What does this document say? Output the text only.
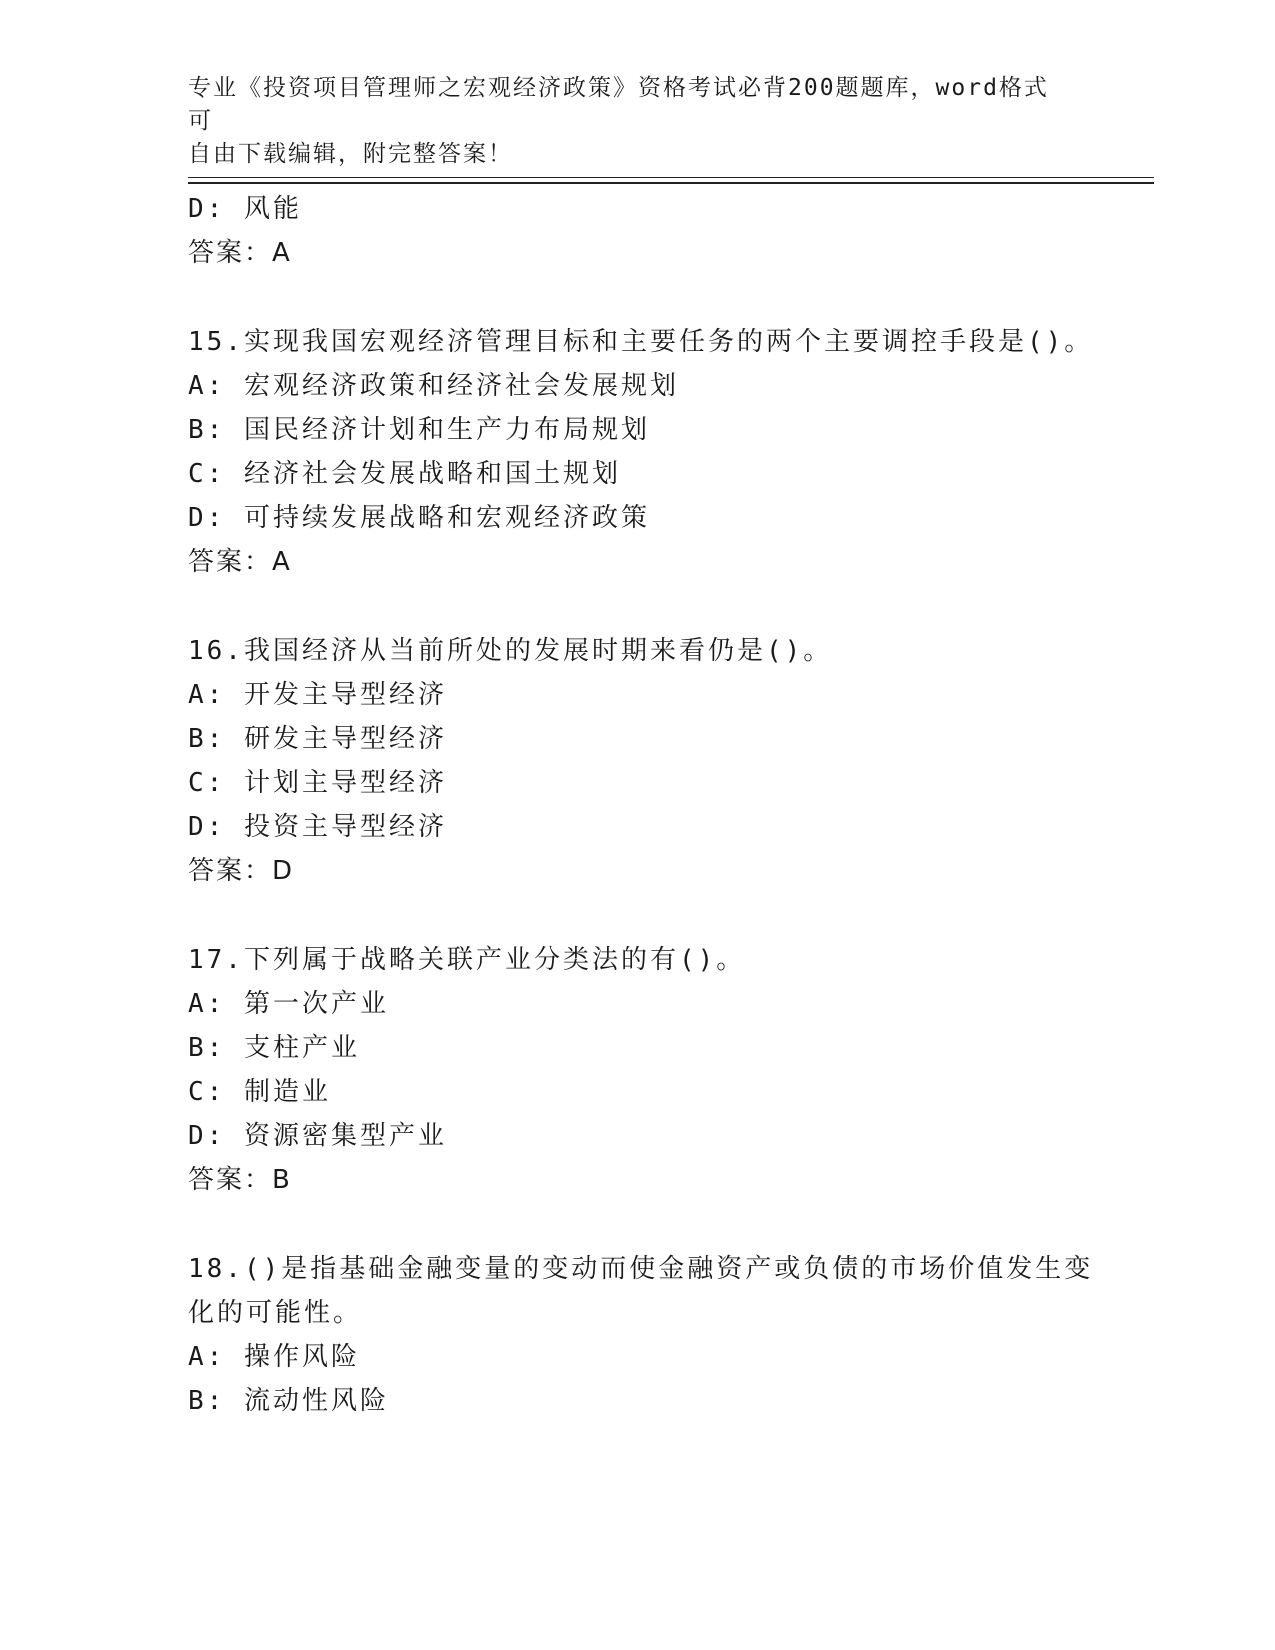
专业《投资项目管理师之宏观经济政策》资格考试必背200题题库，word格式可
自由下载编辑，附完整答案！
D: 风能
答案：A
15.实现我国宏观经济管理目标和主要任务的两个主要调控手段是()。
A: 宏观经济政策和经济社会发展规划
B: 国民经济计划和生产力布局规划
C: 经济社会发展战略和国土规划
D: 可持续发展战略和宏观经济政策
答案：A
16.我国经济从当前所处的发展时期来看仍是()。
A: 开发主导型经济
B: 研发主导型经济
C: 计划主导型经济
D: 投资主导型经济
答案：D
17.下列属于战略关联产业分类法的有()。
A: 第一次产业
B: 支柱产业
C: 制造业
D: 资源密集型产业
答案：B
18.()是指基础金融变量的变动而使金融资产或负债的市场价值发生变
化的可能性。
A: 操作风险
B: 流动性风险
